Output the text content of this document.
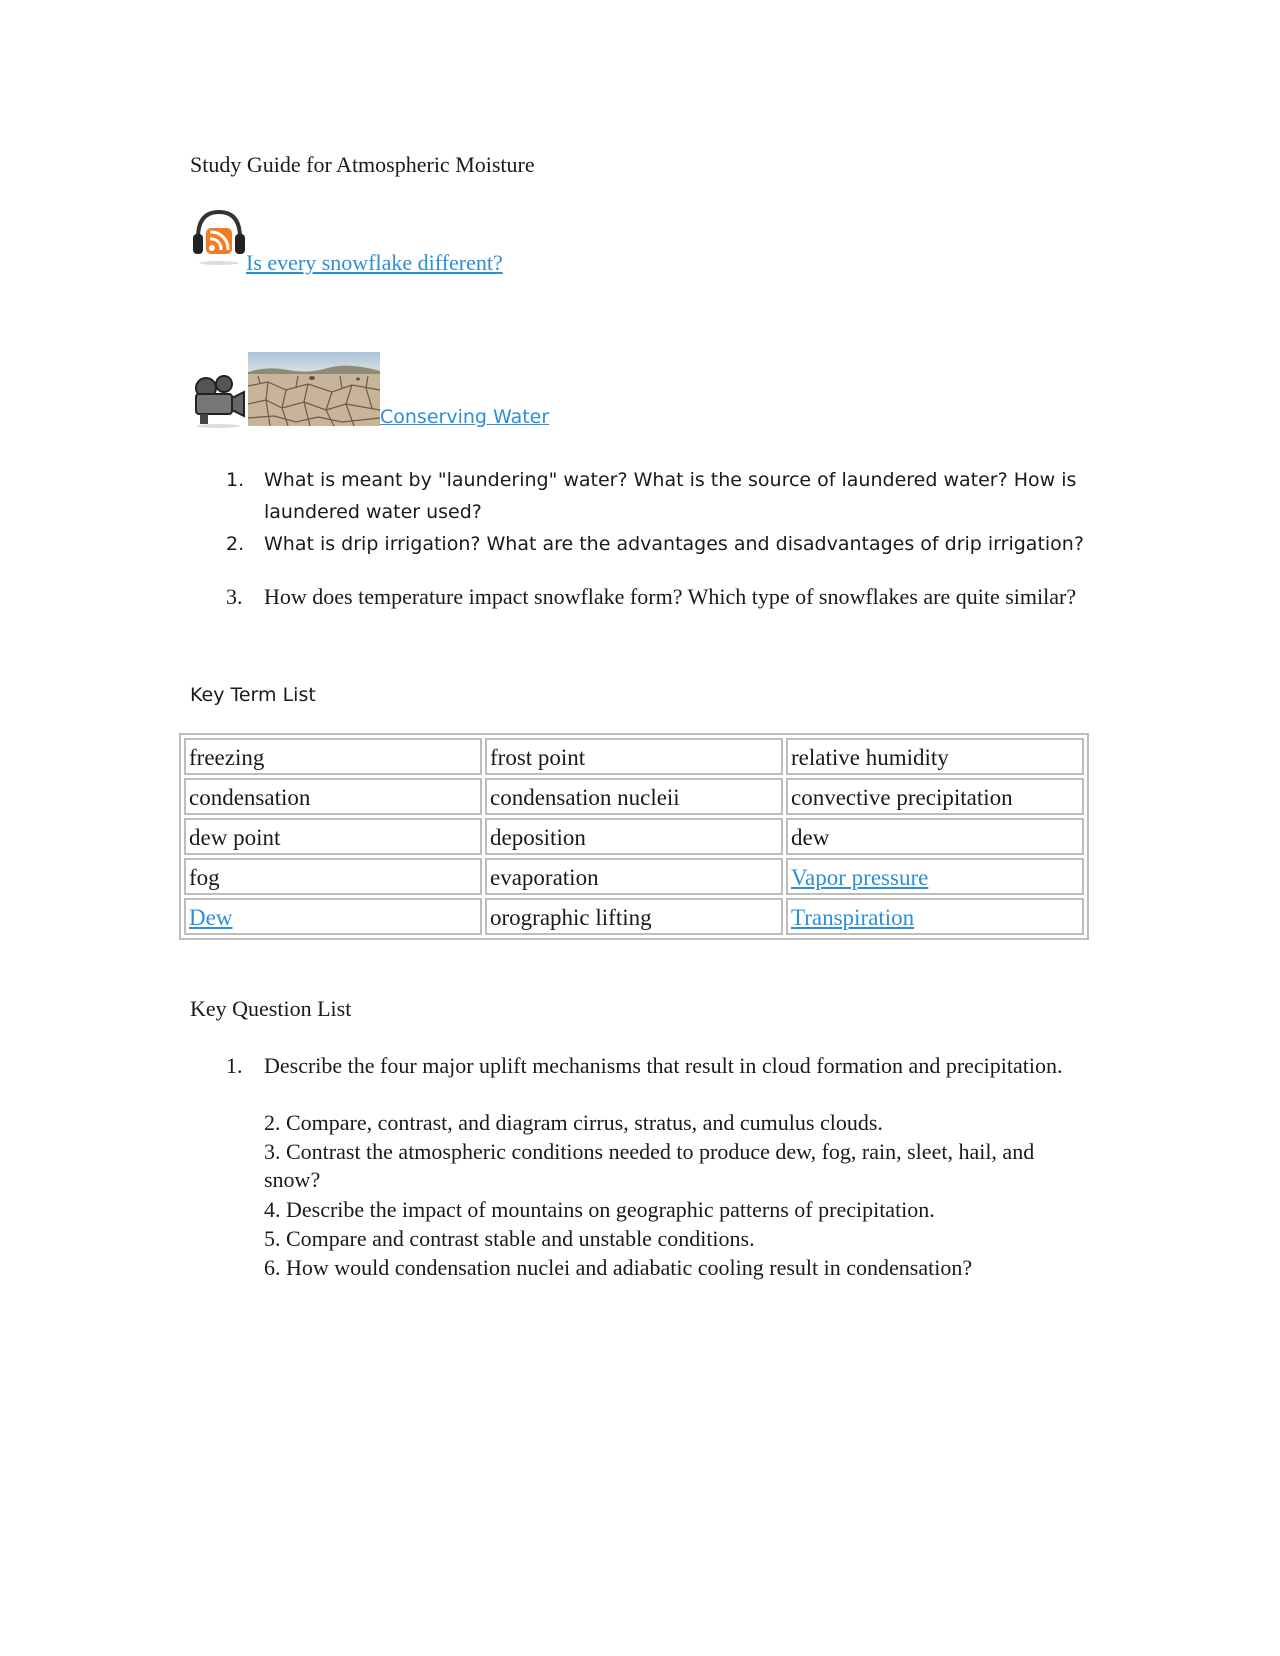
Study Guide for Atmospheric Moisture
Is every snowflake different?
Conserving Water
1. What is meant by "laundering" water? What is the source of laundered water? How is laundered water used?
2. What is drip irrigation? What are the advantages and disadvantages of drip irrigation?
3. How does temperature impact snowflake form? Which type of snowflakes are quite similar?
Key Term List
freezing	frost point	relative humidity
condensation	condensation nucleii	convective precipitation
dew point	deposition	dew
fog	evaporation	Vapor pressure
Dew	orographic lifting	Transpiration
Key Question List
1. Describe the four major uplift mechanisms that result in cloud formation and precipitation.
2. Compare, contrast, and diagram cirrus, stratus, and cumulus clouds.
3. Contrast the atmospheric conditions needed to produce dew, fog, rain, sleet, hail, and snow?
4. Describe the impact of mountains on geographic patterns of precipitation.
5. Compare and contrast stable and unstable conditions.
6. How would condensation nuclei and adiabatic cooling result in condensation?
